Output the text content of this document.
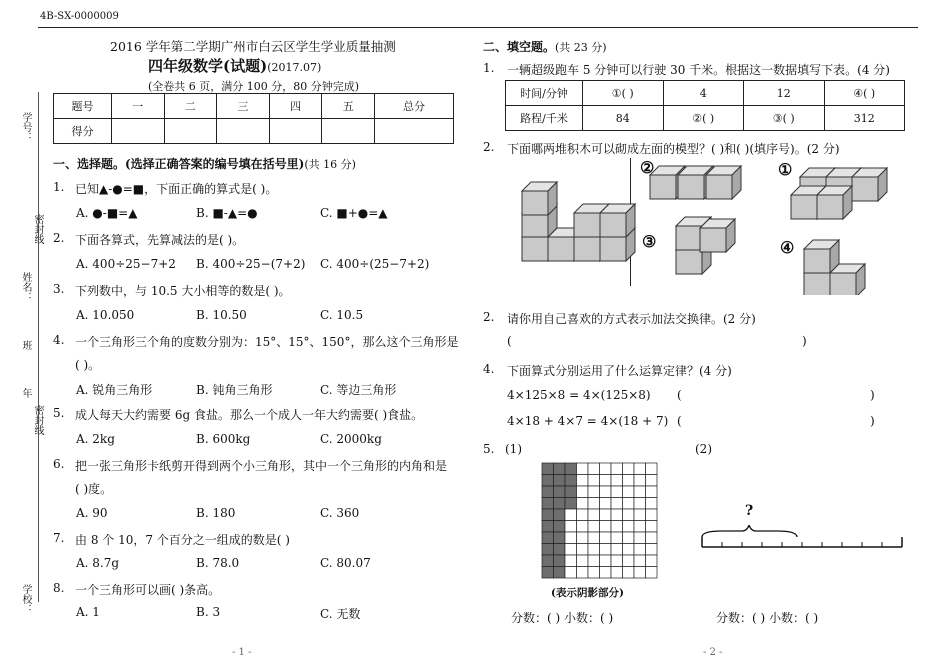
4B-SX-0000009
学号：
密封线
姓名：
班
年
密封线
学校：
2016 学年第二学期广州市白云区学生学业质量抽测
四年级数学(试题)(2017.07)
(全卷共 6 页，满分 100 分，80 分钟完成)
题号	一	二	三	四	五	总分
得分						
一、选择题。(选择正确答案的编号填在括号里)(共 16 分)
1. 已知▲-●=■，下面正确的算式是( )。
A. ●-■=▲	B. ■-▲=●	C. ■+●=▲
2. 下面各算式，先算减法的是( )。
A. 400÷25−7+2 B. 400÷25−(7+2) C. 400÷(25−7+2)
3. 下列数中，与 10.5 大小相等的数是( )。
A. 10.050	B. 10.50	C. 10.5
4. 一个三角形三个角的度数分别为：15°、15°、150°，那么这个三角形是
( )。
A. 锐角三角形	B. 钝角三角形	C. 等边三角形
5. 成人每天大约需要 6g 食盐。那么一个成人一年大约需要( )食盐。
A. 2kg	B. 600kg	C. 2000kg
6. 把一张三角形卡纸剪开得到两个小三角形，其中一个三角形的内角和是
( )度。
A. 90	B. 180	C. 360
7. 由 8 个 10，7 个百分之一组成的数是( )
A. 8.7g	B. 78.0	C. 80.07
8. 一个三角形可以画( )条高。
A. 1	B. 3	C. 无数
- 1 -
二、填空题。(共 23 分)
1. 一辆超级跑车 5 分钟可以行驶 30 千米。根据这一数据填写下表。(4 分)
时间/分钟	①( )	4	12	④( )
路程/千米	84	②( )	③( )	312
2. 下面哪两堆积木可以砌成左面的模型？( )和( )(填序号)。(2 分)
②	①
③	④
2. 请你用自己喜欢的方式表示加法交换律。(2 分)
(	)
4. 下面算式分别运用了什么运算定律？(4 分)
4×125×8 = 4×(125×8) (	)
4×18 + 4×7 = 4×(18 + 7) (	)
5. (1)	(2)
(表示阴影部分)
?
分数：( ) 小数：( )	分数：( ) 小数：( )
- 2 -
